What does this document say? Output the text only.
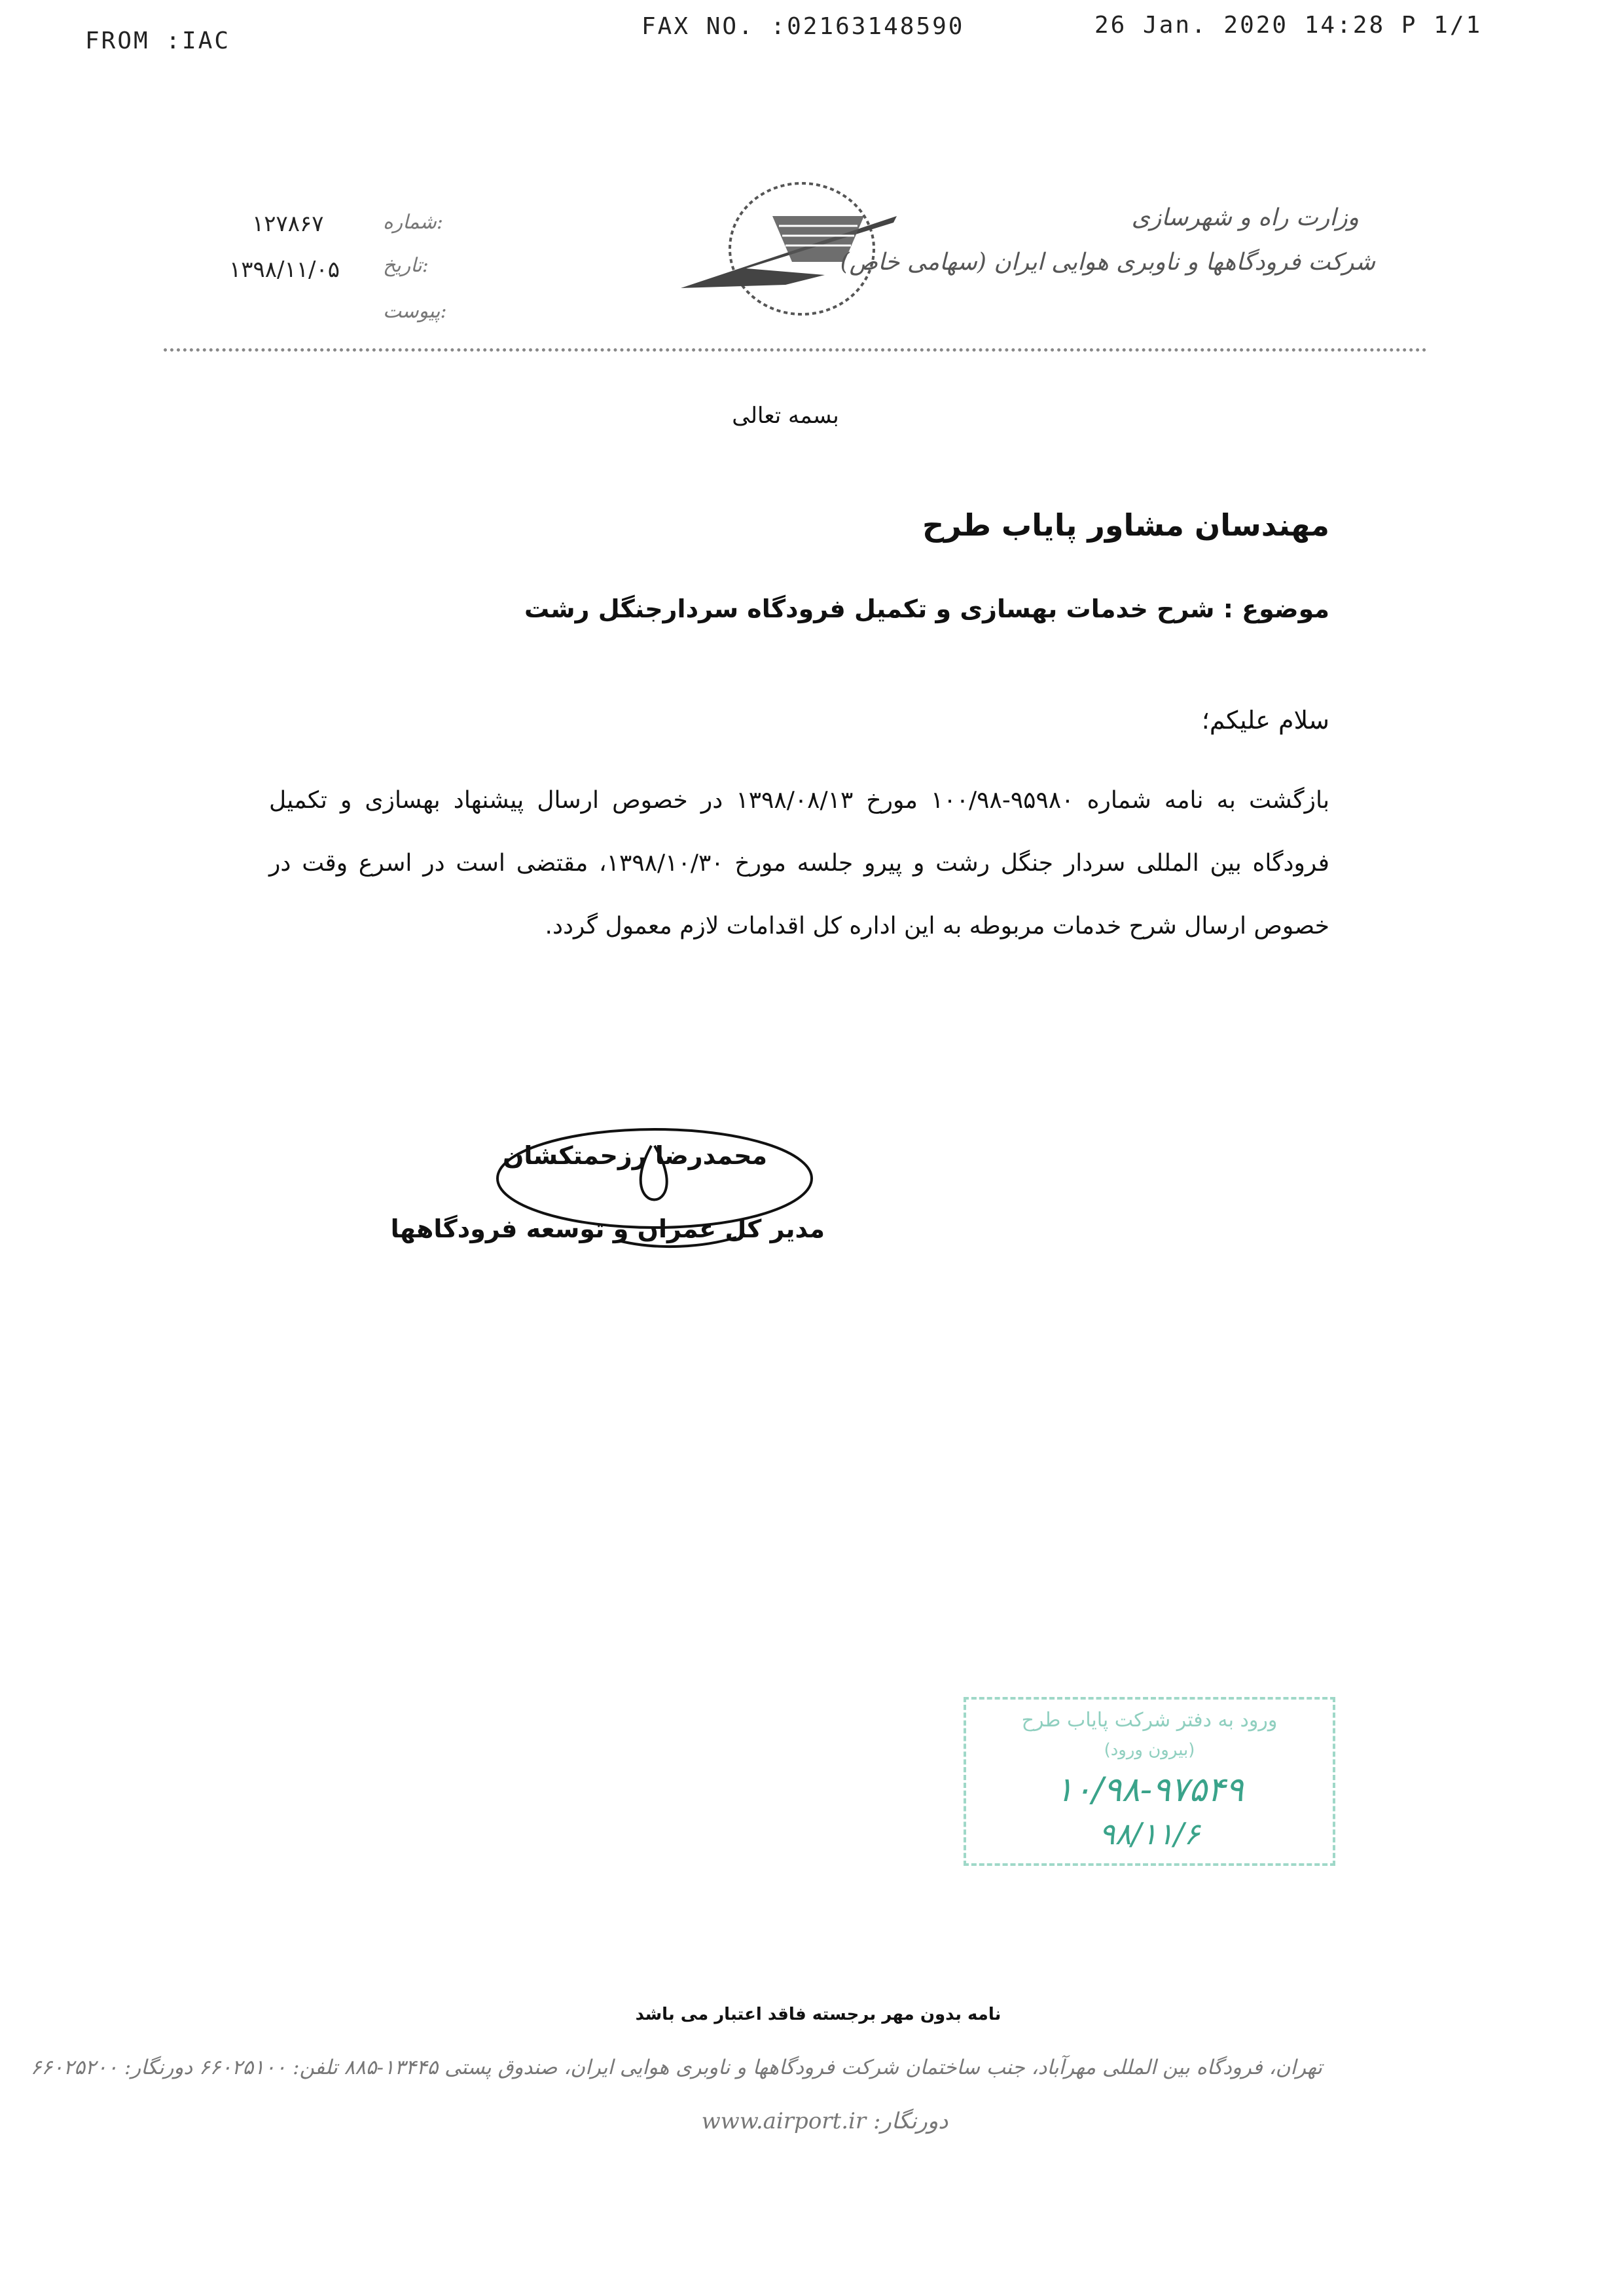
FROM :IAC
FAX NO. :02163148590	26 Jan. 2020 14:28 P 1/1
شماره:
تاریخ:
پیوست:
۱۲۷۸۶۷
۱۳۹۸/۱۱/۰۵
وزارت راه و شهرسازی
شرکت فرودگاهها و ناوبری هوایی ایران (سهامی خاص)
بسمه تعالی
مهندسان مشاور پایاب طرح
موضوع : شرح خدمات بهسازی و تکمیل فرودگاه سردارجنگل رشت
سلام علیکم؛
بازگشت به نامه شماره ۹۵۹۸۰-۱۰۰/۹۸ مورخ ۱۳۹۸/۰۸/۱۳ در خصوص ارسال پیشنهاد بهسازی و تکمیل فرودگاه بین المللی سردار جنگل رشت و پیرو جلسه مورخ ۱۳۹۸/۱۰/۳۰، مقتضی است در اسرع وقت در خصوص ارسال شرح خدمات مربوطه به این اداره کل اقدامات لازم معمول گردد.
محمدرضا رزحمتکشان
مدیر کل عمران و توسعه فرودگاهها
ورود به دفتر شرکت پایاب طرح
(بیرون ورود)
۱۰/۹۸-۹۷۵۴۹
۹۸/۱۱/۶
نامه بدون مهر برجسته فاقد اعتبار می باشد
تهران، فرودگاه بین المللی مهرآباد، جنب ساختمان شرکت فرودگاهها و ناوبری هوایی ایران، صندوق پستی ۱۳۴۴۵-۸۸۵ تلفن: ۶۶۰۲۵۱۰۰ دورنگار: ۶۶۰۲۵۲۰۰
www.airport.ir :دورنگار
